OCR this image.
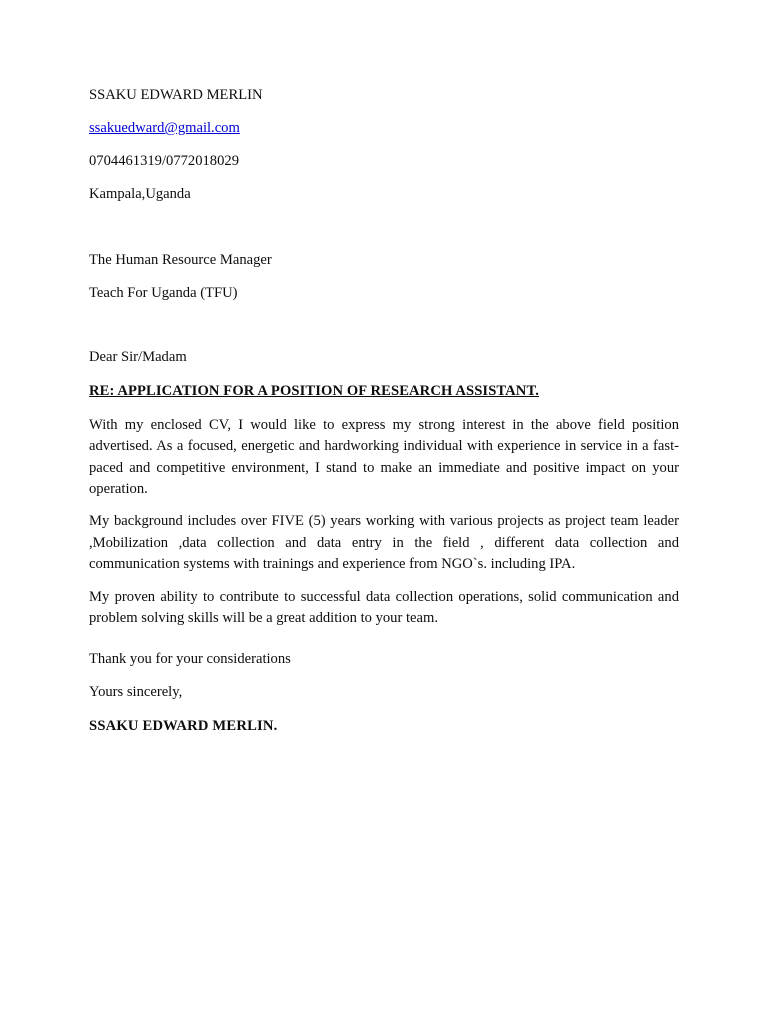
SSAKU EDWARD MERLIN

ssakuedward@gmail.com

0704461319/0772018029

Kampala,Uganda

The Human Resource Manager

Teach For Uganda (TFU)

Dear Sir/Madam

RE: APPLICATION FOR A POSITION OF RESEARCH ASSISTANT.

With my enclosed CV, I would like to express my strong interest in the above field position advertised. As a focused, energetic and hardworking individual with experience in service in a fast-paced and competitive environment, I stand to make an immediate and positive impact on your operation.

My background includes over FIVE (5) years working with various projects as project team leader ,Mobilization ,data collection and data entry in the field , different data collection and communication systems with trainings and experience from NGO`s. including IPA.

My proven ability to contribute to successful data collection operations, solid communication and problem solving skills will be a great addition to your team.

Thank you for your considerations

Yours sincerely,

SSAKU EDWARD MERLIN.
